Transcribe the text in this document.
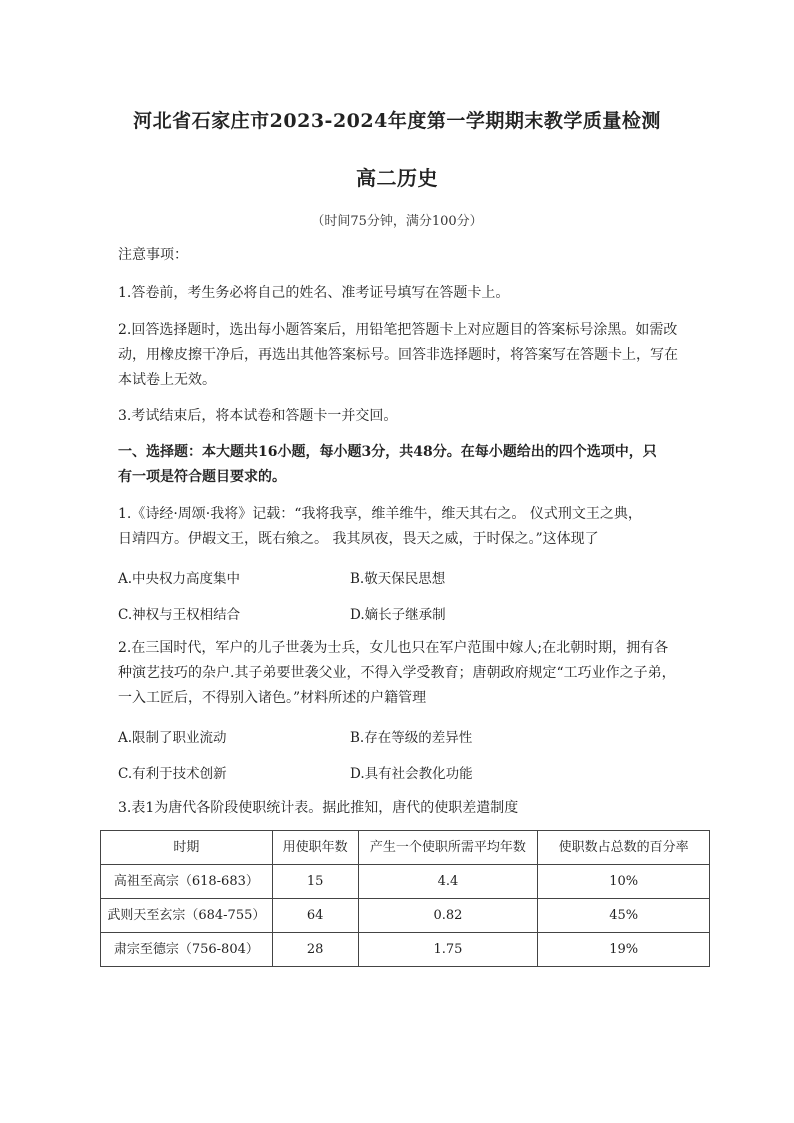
河北省石家庄市2023-2024年度第一学期期末教学质量检测
高二历史
（时间75分钟，满分100分）
注意事项：
1.答卷前，考生务必将自己的姓名、准考证号填写在答题卡上。
2.回答选择题时，选出每小题答案后，用铅笔把答题卡上对应题目的答案标号涂黑。如需改
动，用橡皮擦干净后，再选出其他答案标号。回答非选择题时，将答案写在答题卡上，写在
本试卷上无效。
3.考试结束后，将本试卷和答题卡一并交回。
一、选择题：本大题共16小题，每小题3分，共48分。在每小题给出的四个选项中，只
有一项是符合题目要求的。
1.《诗经·周颂·我将》记载：“我将我享，维羊维牛，维天其右之。 仪式刑文王之典，
日靖四方。伊嘏文王，既右飨之。 我其夙夜，畏天之威，于时保之。”这体现了
A.中央权力高度集中	B.敬天保民思想
C.神权与王权相结合	D.嫡长子继承制
2.在三国时代，军户的儿子世袭为士兵，女儿也只在军户范围中嫁人;在北朝时期，拥有各
种演艺技巧的杂户.其子弟要世袭父业，不得入学受教育；唐朝政府规定“工巧业作之子弟，
一入工匠后，不得别入诸色。”材料所述的户籍管理
A.限制了职业流动	B.存在等级的差异性
C.有利于技术创新	D.具有社会教化功能
3.表1为唐代各阶段使职统计表。据此推知，唐代的使职差遣制度
时期	用使职年数	产生一个使职所需平均年数	使职数占总数的百分率
高祖至高宗（618-683）	15	4.4	10%
武则天至玄宗（684-755）	64	0.82	45%
肃宗至德宗（756-804）	28	1.75	19%
